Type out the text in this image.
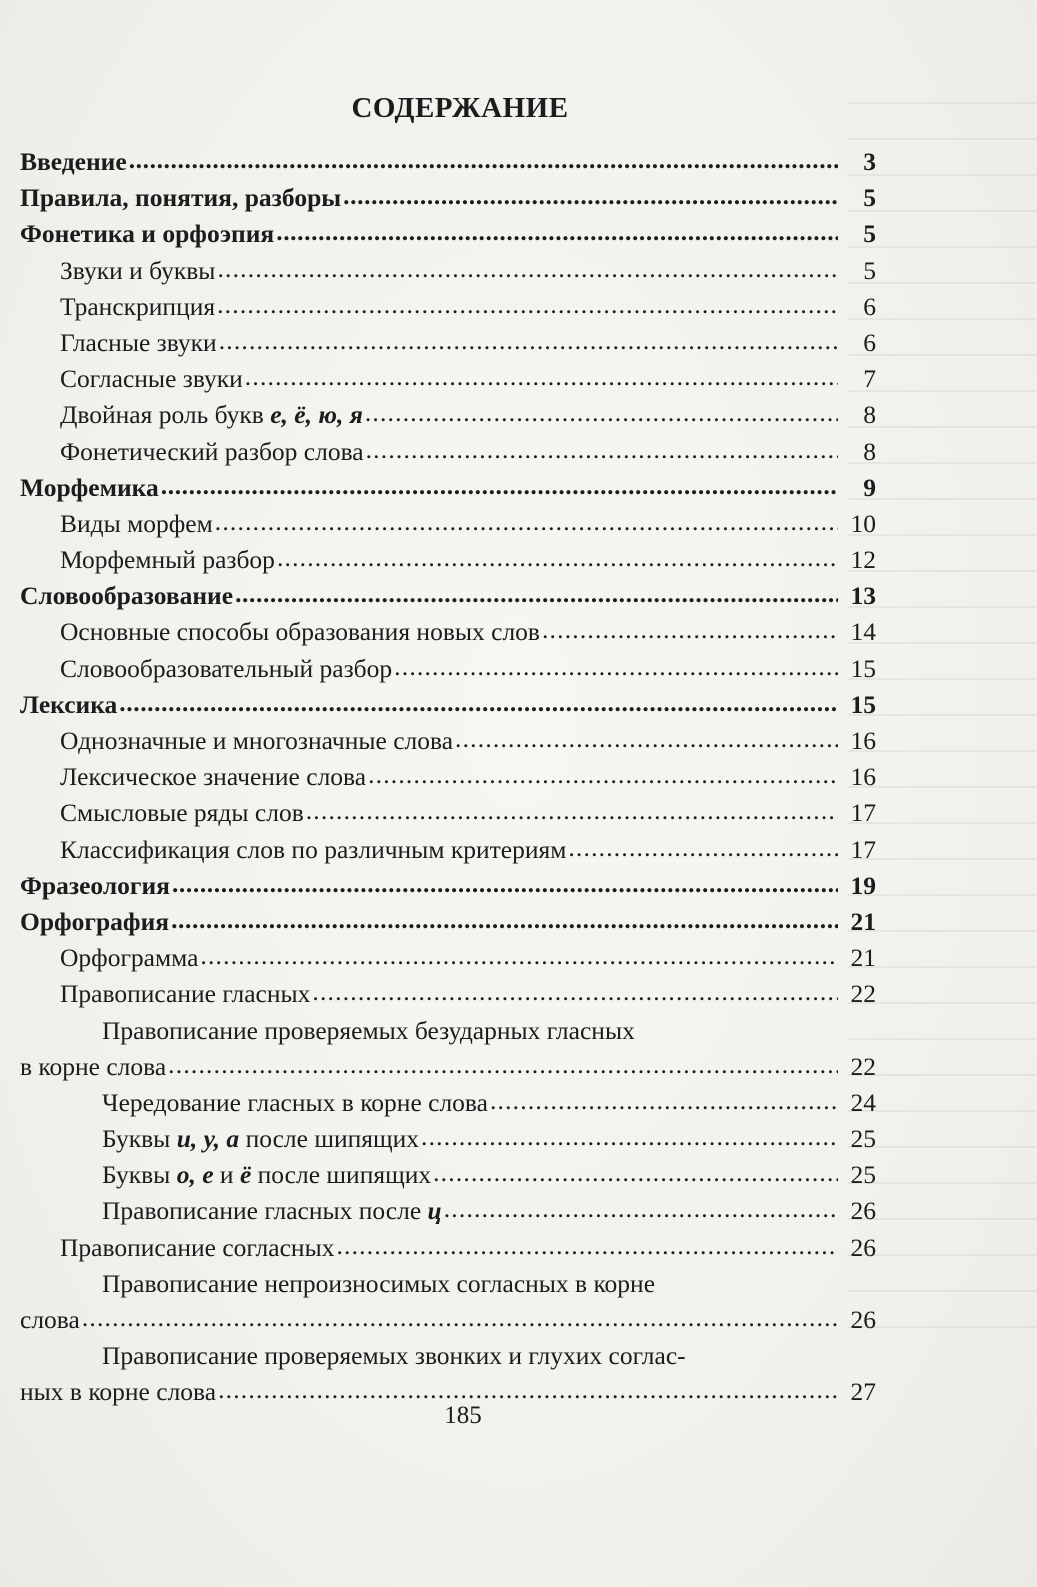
СОДЕРЖАНИЕ
Введение .....	3
Правила, понятия, разборы .....	5
Фонетика и орфоэпия .....	5
Звуки и буквы .....	5
Транскрипция .....	6
Гласные звуки .....	6
Согласные звуки .....	7
Двойная роль букв е, ё, ю, я .....	8
Фонетический разбор слова .....	8
Морфемика .....	9
Виды морфем .....	10
Морфемный разбор .....	12
Словообразование .....	13
Основные способы образования новых слов .....	14
Словообразовательный разбор .....	15
Лексика .....	15
Однозначные и многозначные слова .....	16
Лексическое значение слова .....	16
Смысловые ряды слов .....	17
Классификация слов по различным критериям .....	17
Фразеология .....	19
Орфография .....	21
Орфограмма .....	21
Правописание гласных .....	22
Правописание проверяемых безударных гласных
в корне слова .....	22
Чередование гласных в корне слова .....	24
Буквы и, у, а после шипящих .....	25
Буквы о, е и ё после шипящих .....	25
Правописание гласных после ц .....	26
Правописание согласных .....	26
Правописание непроизносимых согласных в корне
слова .....	26
Правописание проверяемых звонких и глухих соглас-
ных в корне слова .....	27
185
